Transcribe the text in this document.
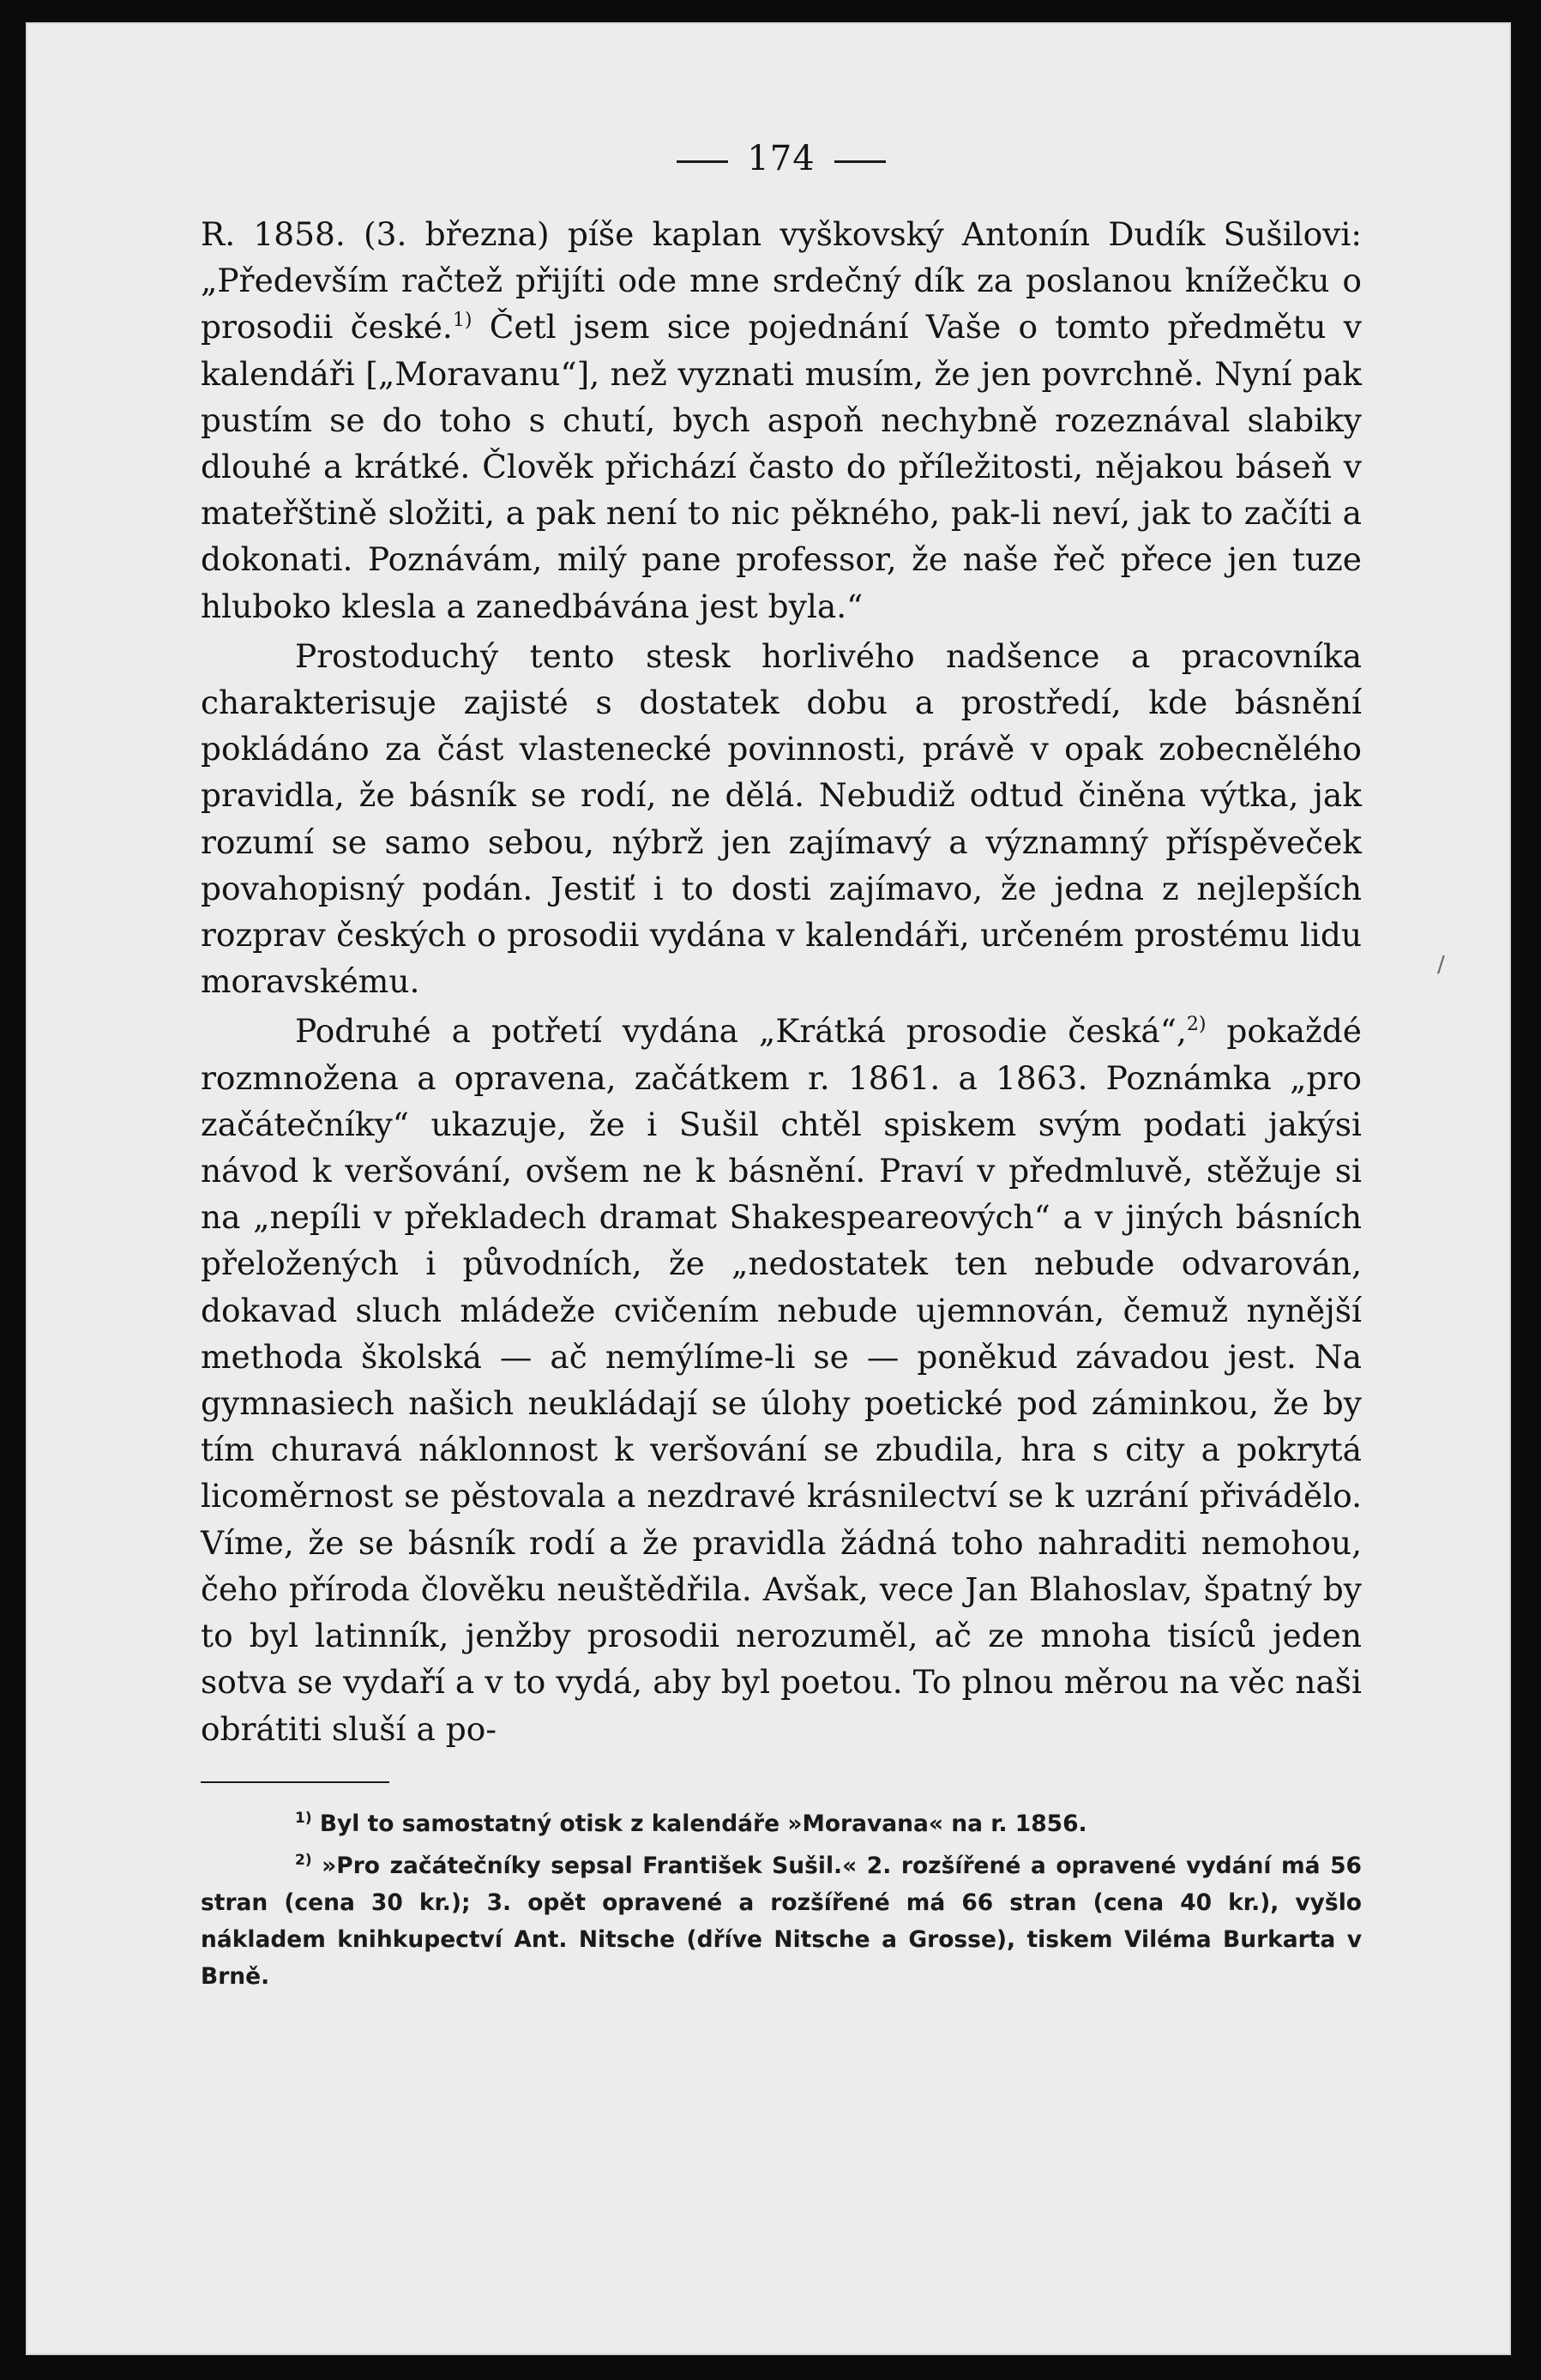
/
174

R. 1858. (3. března) píše kaplan vyškovský Antonín Dudík Sušilovi: „Především račtež přijíti ode mne srdečný dík za poslanou knížečku o prosodii české.$^{1)}$ Četl jsem sice pojednání Vaše o tomto předmětu v kalendáři [„Moravanu“], než vyznati musím, že jen povrchně. Nyní pak pustím se do toho s chutí, bych aspoň nechybně rozeznával slabiky dlouhé a krátké. Člověk přichází často do příležitosti, nějakou báseň v mateřštině složiti, a pak není to nic pěkného, pak-li neví, jak to začíti a dokonati. Poznávám, milý pane professor, že naše řeč přece jen tuze hluboko klesla a zanedbávána jest byla.“

Prostoduchý tento stesk horlivého nadšence a pracovníka charakterisuje zajisté s dostatek dobu a prostředí, kde básnění pokládáno za část vlastenecké povinnosti, právě v opak zobecnělého pravidla, že básník se rodí, ne dělá. Nebudiž odtud činěna výtka, jak rozumí se samo sebou, nýbrž jen zajímavý a významný příspěveček povahopisný podán. Jestiť i to dosti zajímavo, že jedna z nejlepších rozprav českých o prosodii vydána v kalendáři, určeném prostému lidu moravskému.

Podruhé a potřetí vydána „Krátká prosodie česká“,$^{2)}$ pokaždé rozmnožena a opravena, začátkem r. 1861. a 1863. Poznámka „pro začátečníky“ ukazuje, že i Sušil chtěl spiskem svým podati jakýsi návod k veršování, ovšem ne k básnění. Praví v předmluvě, stěžuje si na „nepíli v překladech dramat Shakespeareových“ a v jiných básních přeložených i původních, že „nedostatek ten nebude odvarován, dokavad sluch mládeže cvičením nebude ujemnován, čemuž nynější methoda školská — ač nemýlíme-li se — poněkud závadou jest. Na gymnasiech našich neukládají se úlohy poetické pod záminkou, že by tím churavá náklonnost k veršování se zbudila, hra s city a pokrytá licoměrnost se pěstovala a nezdravé krásnilectví se k uzrání přivádělo. Víme, že se básník rodí a že pravidla žádná toho nahraditi nemohou, čeho příroda člověku neuštědřila. Avšak, vece Jan Blahoslav, špatný by to byl latinník, jenžby prosodii nerozuměl, ač ze mnoha tisíců jeden sotva se vydaří a v to vydá, aby byl poetou. To plnou měrou na věc naši obrátiti sluší a po-

$^{1)}$ Byl to samostatný otisk z kalendáře »Moravana« na r. 1856.

$^{2)}$ »Pro začátečníky sepsal František Sušil.« 2. rozšířené a opravené vydání má 56 stran (cena 30 kr.); 3. opět opravené a rozšířené má 66 stran (cena 40 kr.), vyšlo nákladem knihkupectví Ant. Nitsche (dříve Nitsche a Grosse), tiskem Viléma Burkarta v Brně.
